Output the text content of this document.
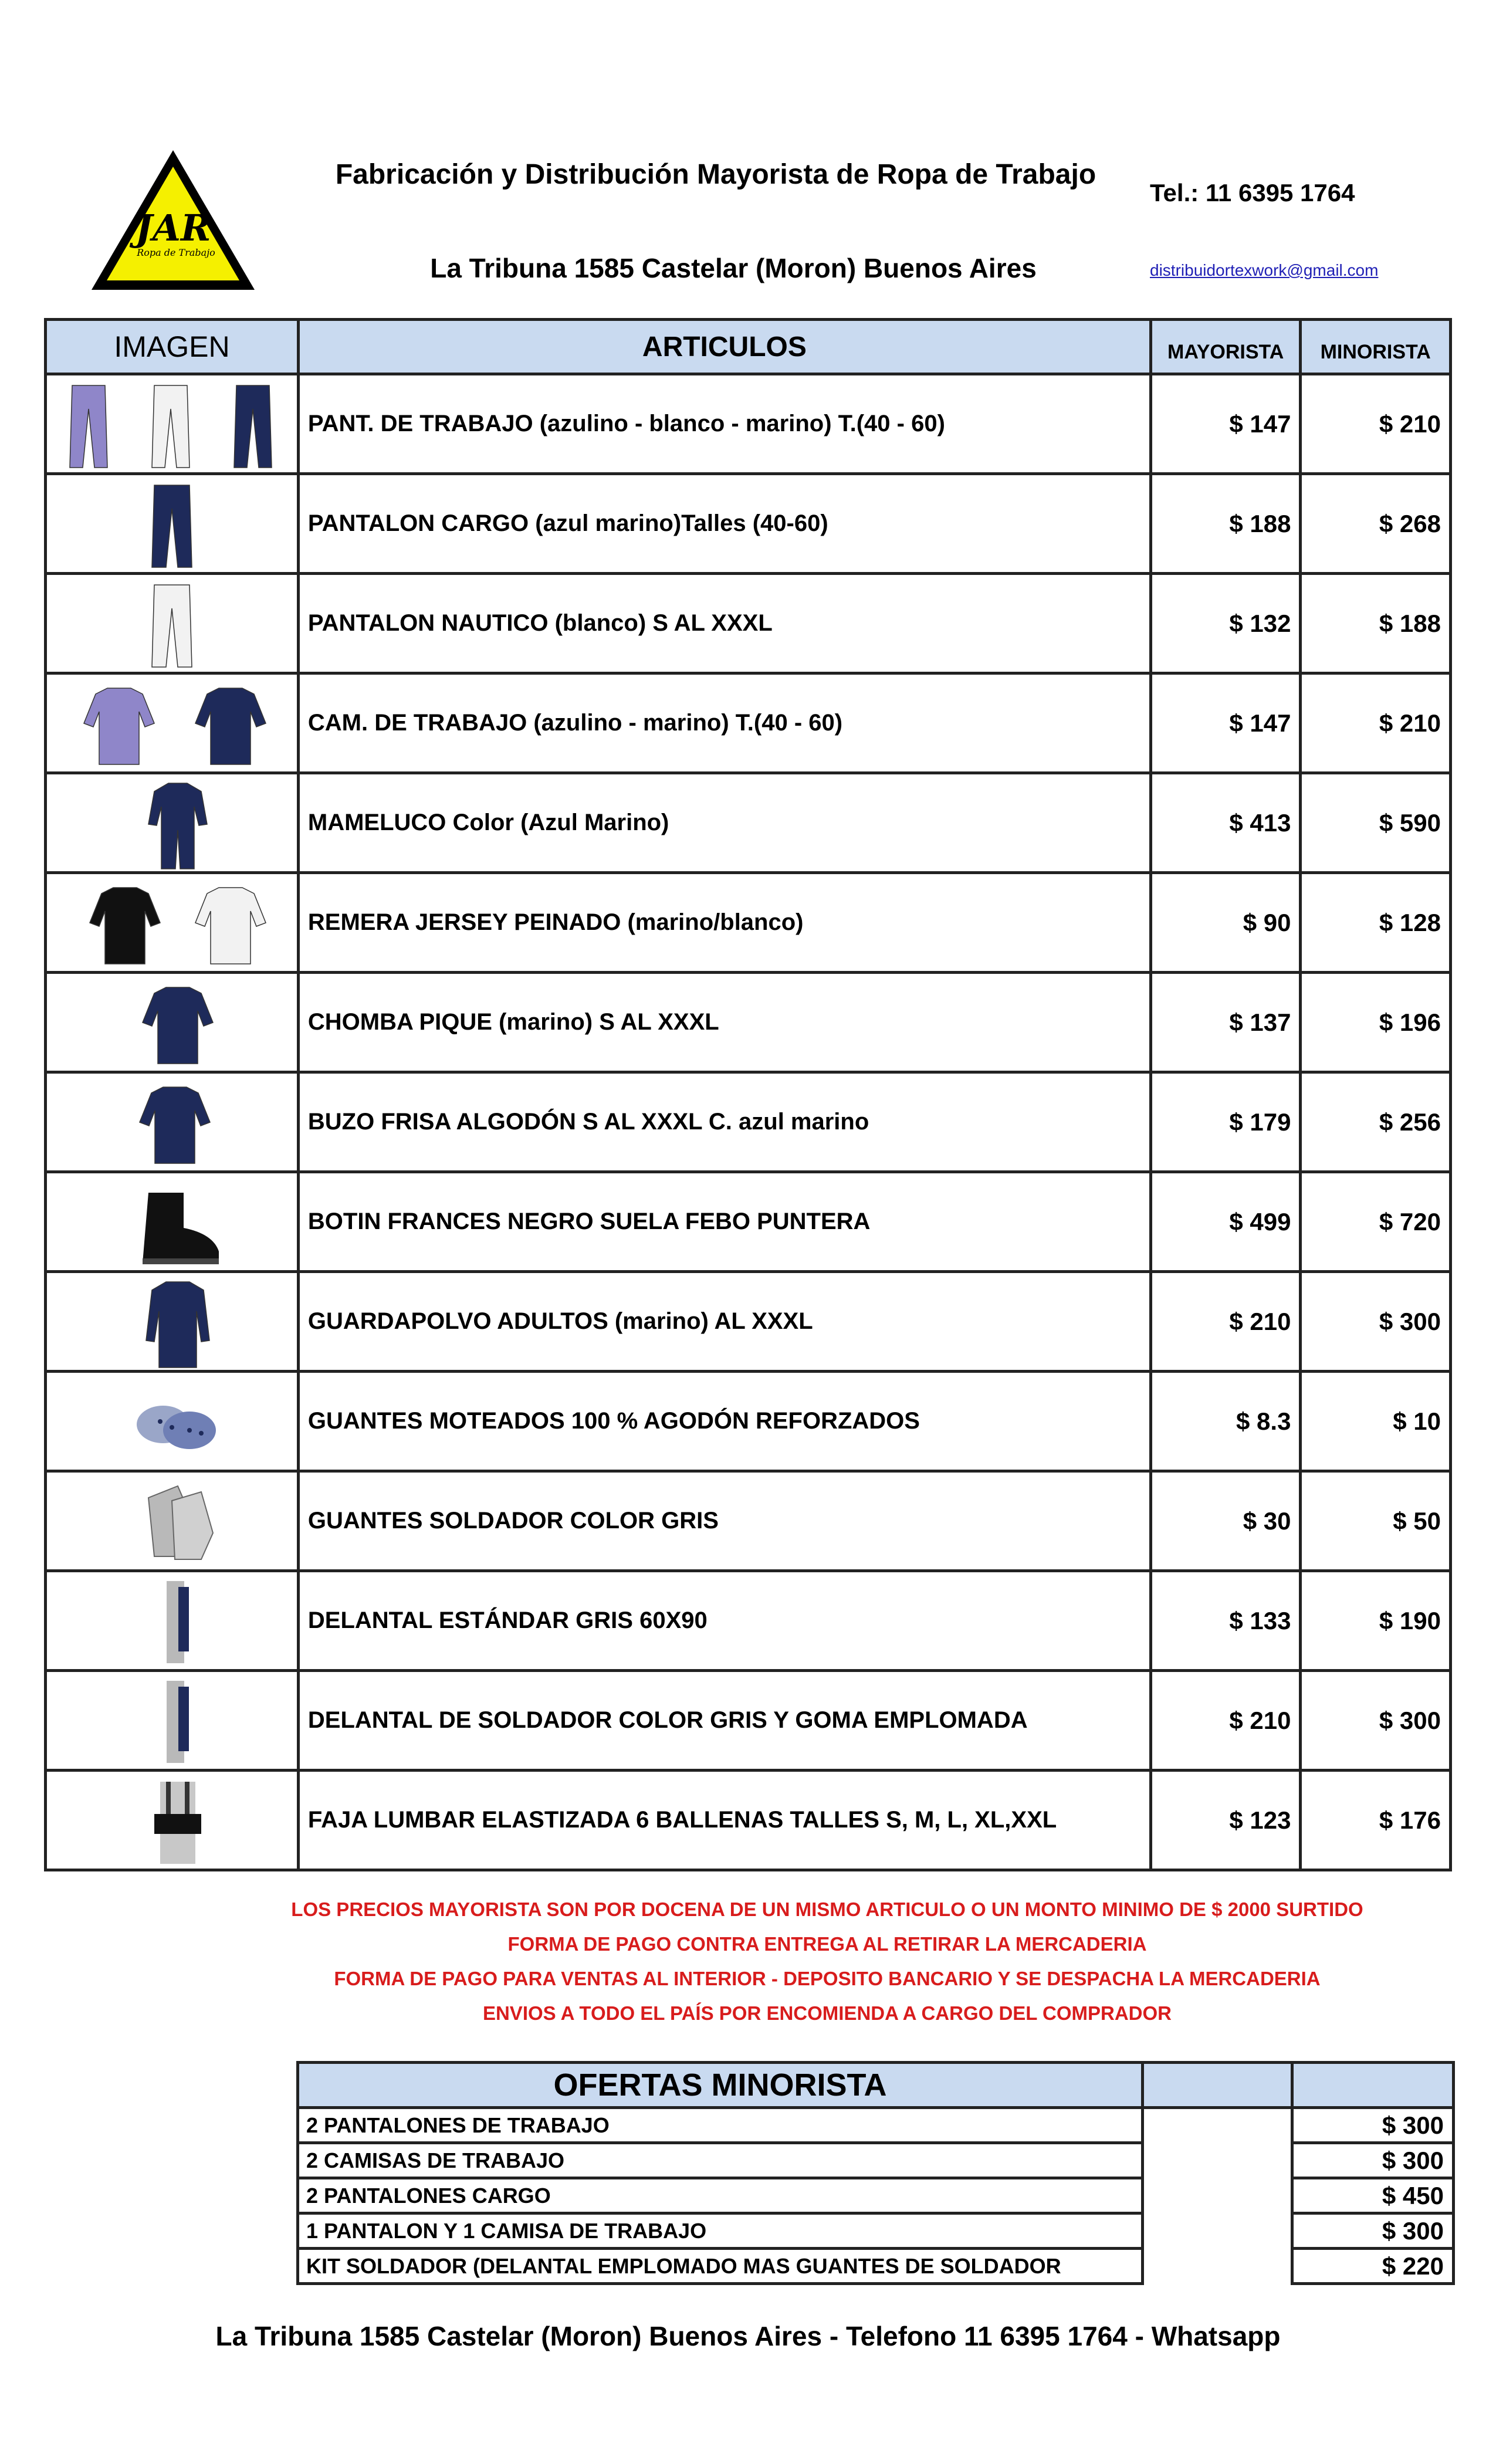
JAR
Ropa de Trabajo
Fabricación y Distribución Mayorista de Ropa de Trabajo
Tel.: 11 6395 1764
La Tribuna 1585 Castelar (Moron) Buenos Aires	distribuidortexwork@gmail.com
IMAGEN	ARTICULOS	MAYORISTA	MINORISTA

	PANT. DE TRABAJO (azulino - blanco - marino) T.(40 - 60)	$ 147	$ 210

	PANTALON CARGO (azul marino)Talles (40-60)	$ 188	$ 268

	PANTALON NAUTICO (blanco) S AL XXXL	$ 132	$ 188

	CAM. DE TRABAJO (azulino - marino) T.(40 - 60)	$ 147	$ 210

	MAMELUCO Color (Azul Marino)	$ 413	$ 590

	REMERA JERSEY PEINADO (marino/blanco)	$ 90	$ 128

	CHOMBA PIQUE (marino) S AL XXXL	$ 137	$ 196

	BUZO FRISA ALGODÓN S AL XXXL C. azul marino	$ 179	$ 256

	BOTIN FRANCES NEGRO SUELA FEBO PUNTERA	$ 499	$ 720

	GUARDAPOLVO ADULTOS (marino) AL XXXL	$ 210	$ 300

	GUANTES MOTEADOS 100 % AGODÓN REFORZADOS	$ 8.3	$ 10

	GUANTES SOLDADOR COLOR GRIS	$ 30	$ 50

	DELANTAL ESTÁNDAR GRIS 60X90	$ 133	$ 190

	DELANTAL DE SOLDADOR COLOR GRIS Y GOMA EMPLOMADA	$ 210	$ 300

	FAJA LUMBAR ELASTIZADA 6 BALLENAS TALLES S, M, L, XL,XXL	$ 123	$ 176
LOS PRECIOS MAYORISTA SON POR DOCENA DE UN MISMO ARTICULO O UN MONTO MINIMO DE $ 2000 SURTIDO
FORMA DE PAGO CONTRA ENTREGA AL RETIRAR LA MERCADERIA
FORMA DE PAGO PARA VENTAS AL INTERIOR - DEPOSITO BANCARIO Y SE DESPACHA LA MERCADERIA
ENVIOS A TODO EL PAÍS POR ENCOMIENDA A CARGO DEL COMPRADOR
OFERTAS MINORISTA		
2 PANTALONES DE TRABAJO		$ 300
2 CAMISAS DE TRABAJO		$ 300
2 PANTALONES CARGO		$ 450
1 PANTALON Y 1 CAMISA DE TRABAJO		$ 300
KIT SOLDADOR (DELANTAL EMPLOMADO MAS GUANTES DE SOLDADOR		$ 220
La Tribuna 1585 Castelar (Moron) Buenos Aires - Telefono 11 6395 1764 - Whatsapp
